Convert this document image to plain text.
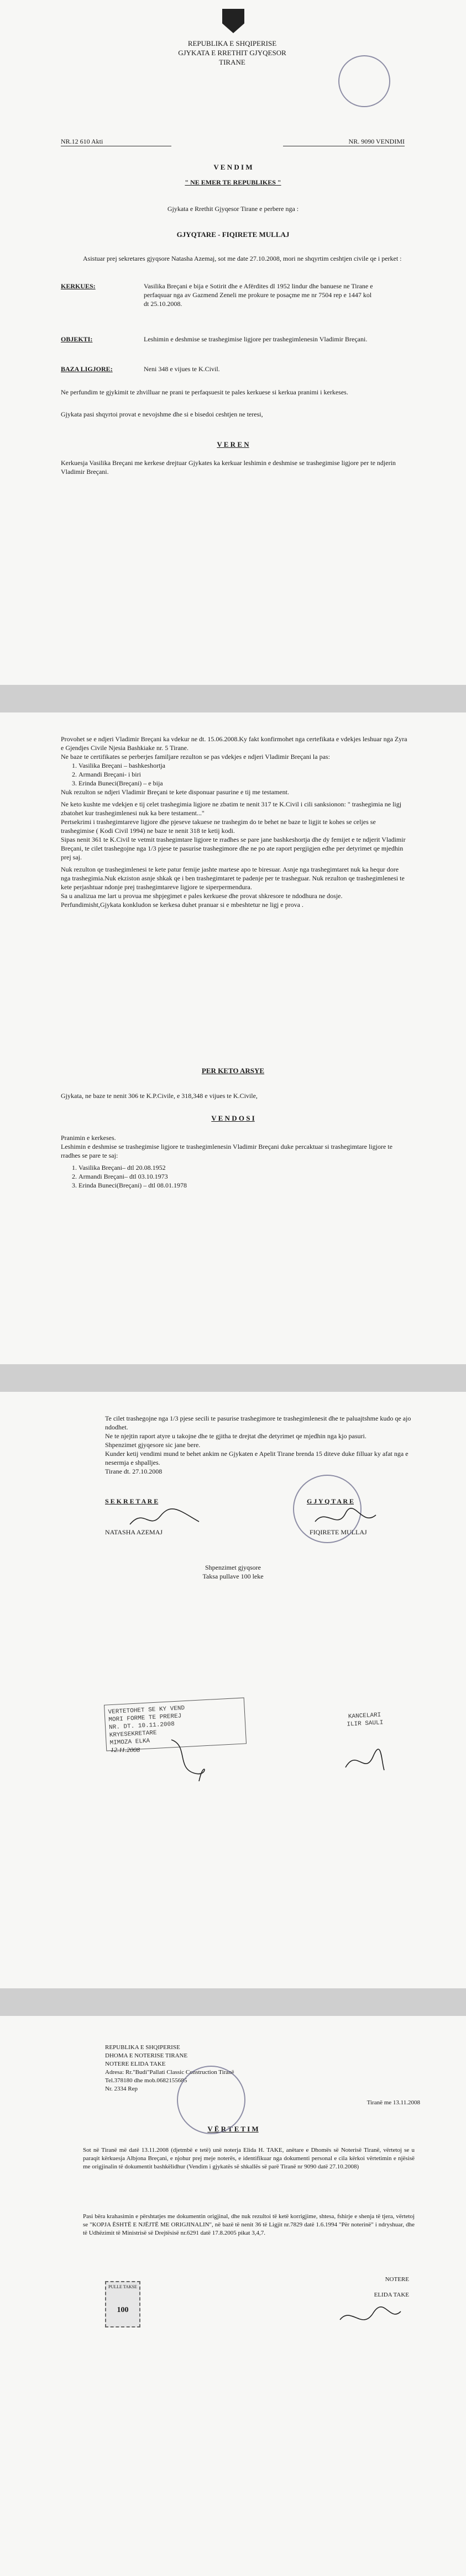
REPUBLIKA E SHQIPERISE
GJYKATA E RRETHIT GJYQESOR
TIRANE
NR.12 610 Akti	NR. 9090 VENDIMI
V E N D I M
" NE EMER TE REPUBLIKES "
Gjykata e Rrethit Gjyqesor Tirane e perbere nga :
GJYQTARE - FIQIRETE MULLAJ
Asistuar prej sekretares gjyqsore Natasha Azemaj, sot me date 27.10.2008, mori ne shqyrtim ceshtjen civile qe i perket :
KERKUES:	Vasilika Breçani e bija e Sotirit dhe e Afërdites dl 1952 lindur dhe banuese ne Tirane e perfaqsuar nga av Gazmend Zeneli me prokure te posaçme me nr 7504 rep e 1447 kol dt 25.10.2008.
OBJEKTI:	Leshimin e deshmise se trashegimise ligjore per trashegimlenesin Vladimir Breçani.
BAZA LIGJORE:	Neni 348 e vijues te K.Civil.
Ne perfundim te gjykimit te zhvilluar ne prani te perfaqsuesit te pales kerkuese si kerkua pranimi i kerkeses.
Gjykata pasi shqyrtoi provat e nevojshme dhe si e bisedoi ceshtjen ne teresi,
V E R E N
Kerkuesja Vasilika Breçani me kerkese drejtuar Gjykates ka kerkuar leshimin e deshmise se trashegimise ligjore per te ndjerin Vladimir Breçani.
Provohet se e ndjeri Vladimir Breçani ka vdekur ne dt. 15.06.2008.Ky fakt konfirmohet nga certefikata e vdekjes leshuar nga Zyra e Gjendjes Civile Njesia Bashkiake nr. 5 Tirane.
Ne baze te certifikates se perberjes familjare rezulton se pas vdekjes e ndjeri Vladimir Breçani la pas:
1. Vasilika Breçani – bashkeshortja
2. Armandi Breçani- i biri
3. Erinda Buneci(Breçani) – e bija
Nuk rezulton se ndjeri Vladimir Breçani te kete disponuar pasurine e tij me testament.
Ne keto kushte me vdekjen e tij celet trashegimia ligjore ne zbatim te nenit 317 te K.Civil i cili sanksionon: " trashegimia ne ligj zbatohet kur trashegimlenesi nuk ka bere testament..."
Pertsekrimi i trashegimtareve ligjore dhe pjeseve takuese ne trashegim do te behet ne baze te ligjit te kohes se celjes se trashegimise ( Kodi Civil 1994) ne baze te nenit 318 te ketij kodi.
Sipas nenit 361 te K.Civil te vetmit trashegimtare ligjore te rradhes se pare jane bashkeshortja dhe dy femijet e te ndjerit Vladimir Breçani, te cilet trashegojne nga 1/3 pjese te pasurise trashegimore dhe ne po ate raport pergjigjen edhe per detyrimet qe mjedhin prej saj.
Nuk rezulton qe trashegimlenesi te kete patur femije jashte martese apo te biresuar. Asnje nga trashegimtaret nuk ka hequr dore nga trashegimia.Nuk ekziston asnje shkak qe i ben trashegimtaret te padenje per te trasheguar. Nuk rezulton qe trashegimlenesi te kete perjashtuar ndonje prej trashegimtareve ligjore te siperpermendura.
Sa u analizua me lart u provua me shpjegimet e pales kerkuese dhe provat shkresore te ndodhura ne dosje.
Perfundimisht,Gjykata konkludon se kerkesa duhet pranuar si e mbeshtetur ne ligj e prova .
PER KETO ARSYE
Gjykata, ne baze te nenit 306 te K.P.Civile, e 318,348 e vijues te K.Civile,
V E N D O S I
Pranimin e kerkeses.
Leshimin e deshmise se trashegimise ligjore te trashegimlenesin Vladimir Breçani duke percaktuar si trashegimtare ligjore te rradhes se pare te saj:
1. Vasilika Breçani– dtl 20.08.1952
2. Armandi Breçani– dtl 03.10.1973
3. Erinda Buneci(Breçani) – dtl 08.01.1978
Te cilet trashegojne nga 1/3 pjese secili te pasurise trashegimore te trashegimlenesit dhe te paluajtshme kudo qe ajo ndodhet.
Ne te njejtin raport atyre u takojne dhe te gjitha te drejtat dhe detyrimet qe mjedhin nga kjo pasuri.
Shpenzimet gjyqesore sic jane bere.
Kunder ketij vendimi mund te behet ankim ne Gjykaten e Apelit Tirane brenda 15 diteve duke filluar ky afat nga e nesermja e shpalljes.
Tirane dt. 27.10.2008
S E K R E T A R E
NATASHA AZEMAJ
G J Y Q T A R E
FIQIRETE MULLAJ
Shpenzimet gjyqsore
Taksa pullave 100 leke
VERTETOHET SE KY VEND
MORI FORME TE PREREJ
NR. DT. 10.11.2008
KRYESEKRETARE
MIMOZA ELKA
12.11.2008
KANCELARI
ILIR SAULI
REPUBLIKA E SHQIPERISE
DHOMA E NOTERISE TIRANE
NOTERE ELIDA TAKE
Adresa: Rr."Budi"Pallati Classic Construction Tiranë
Tel.378180 dhe mob.0682155685
Nr. 2334 Rep
Tiranë me 13.11.2008
V Ë R T E T I M
Sot në Tiranë më datë 13.11.2008 (djetmbë e tetë) unë noterja Elida H. TAKE, anëtare e Dhomës së Noterisë Tiranë, vërtetoj se u paraqit kërkuesja Albjona Breçani, e njohur prej meje noterës, e identifikuar nga dokumenti personal e cila kërkoi vërtetimin e njësisë me origjinalin të dokumentit bashkëlidhur (Vendim i gjykatës së shkallës së parë Tiranë nr 9090 datë 27.10.2008)
Pasi bëra krahasimin e përshtatjes me dokumentin origjinal, dhe nuk rezultoi të ketë korrigjime, shtesa, fshirje e shenja të tjera, vërtetoj se "KOPJA ËSHTË E NJËJTË ME ORIGJINALIN", në bazë të nenit 36 të Ligjit nr.7829 datë 1.6.1994 "Për noterinë" i ndryshuar, dhe të Udhëzimit të Ministrisë së Drejtësisë nr.6291 datë 17.8.2005 pikat 3,4,7.
NOTERE
ELIDA TAKE
PULLE TAKSE
100
